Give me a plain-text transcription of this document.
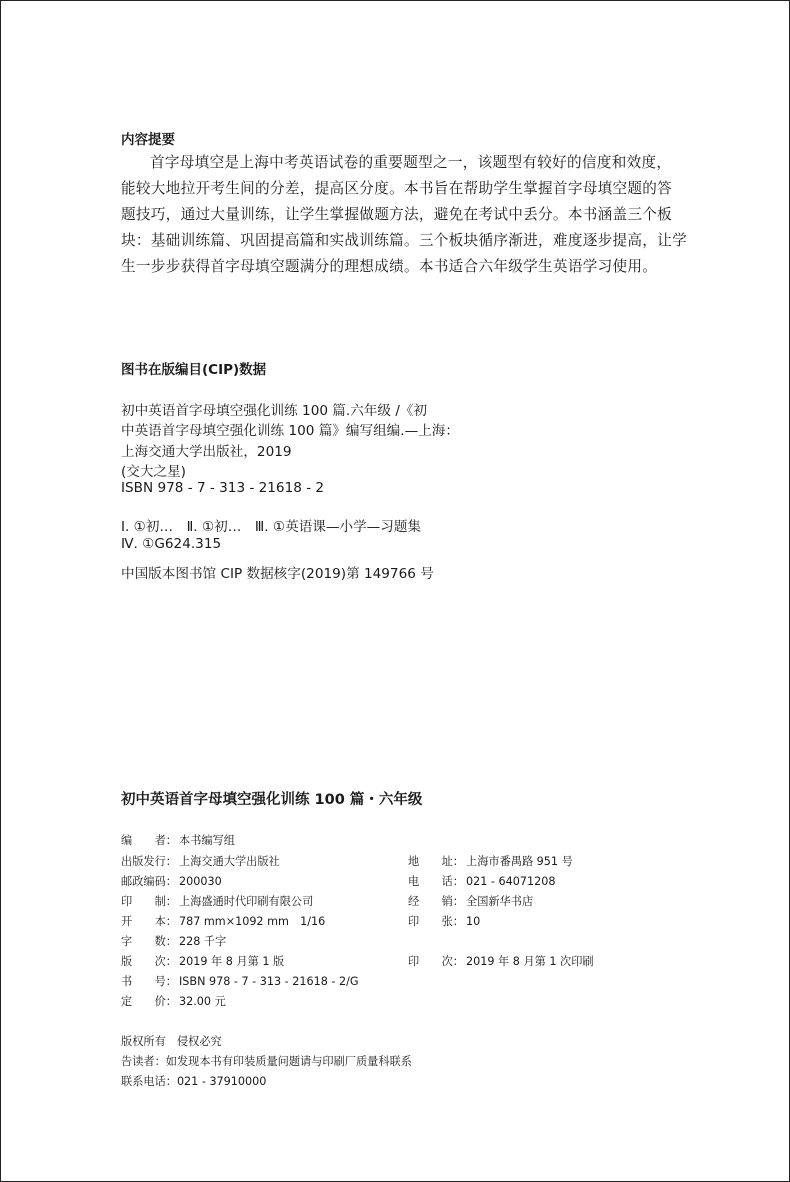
内容提要
首字母填空是上海中考英语试卷的重要题型之一，该题型有较好的信度和效度，
能较大地拉开考生间的分差，提高区分度。本书旨在帮助学生掌握首字母填空题的答
题技巧，通过大量训练，让学生掌握做题方法，避免在考试中丢分。本书涵盖三个板
块：基础训练篇、巩固提高篇和实战训练篇。三个板块循序渐进，难度逐步提高，让学
生一步步获得首字母填空题满分的理想成绩。本书适合六年级学生英语学习使用。
图书在版编目(CIP)数据
初中英语首字母填空强化训练 100 篇.六年级 /《初
中英语首字母填空强化训练 100 篇》编写组编.—上海：
上海交通大学出版社，2019
(交大之星)
ISBN 978 - 7 - 313 - 21618 - 2
Ⅰ. ①初…　Ⅱ. ①初…　Ⅲ. ①英语课—小学—习题集
Ⅳ. ①G624.315
中国版本图书馆 CIP 数据核字(2019)第 149766 号
初中英语首字母填空强化训练 100 篇・六年级
编　　者： 本书编写组
出版发行： 上海交通大学出版社
邮政编码： 200030
印　　制： 上海盛通时代印刷有限公司
开　　本： 787 mm×1092 mm　1/16
字　　数： 228 千字
版　　次： 2019 年 8 月第 1 版
书　　号： ISBN 978 - 7 - 313 - 21618 - 2/G
定　　价： 32.00 元
地　　址： 上海市番禺路 951 号
电　　话： 021 - 64071208
经　　销： 全国新华书店
印　　张： 10
印　　次： 2019 年 8 月第 1 次印刷
版权所有　侵权必究
告读者：如发现本书有印装质量问题请与印刷厂质量科联系
联系电话：021 - 37910000
